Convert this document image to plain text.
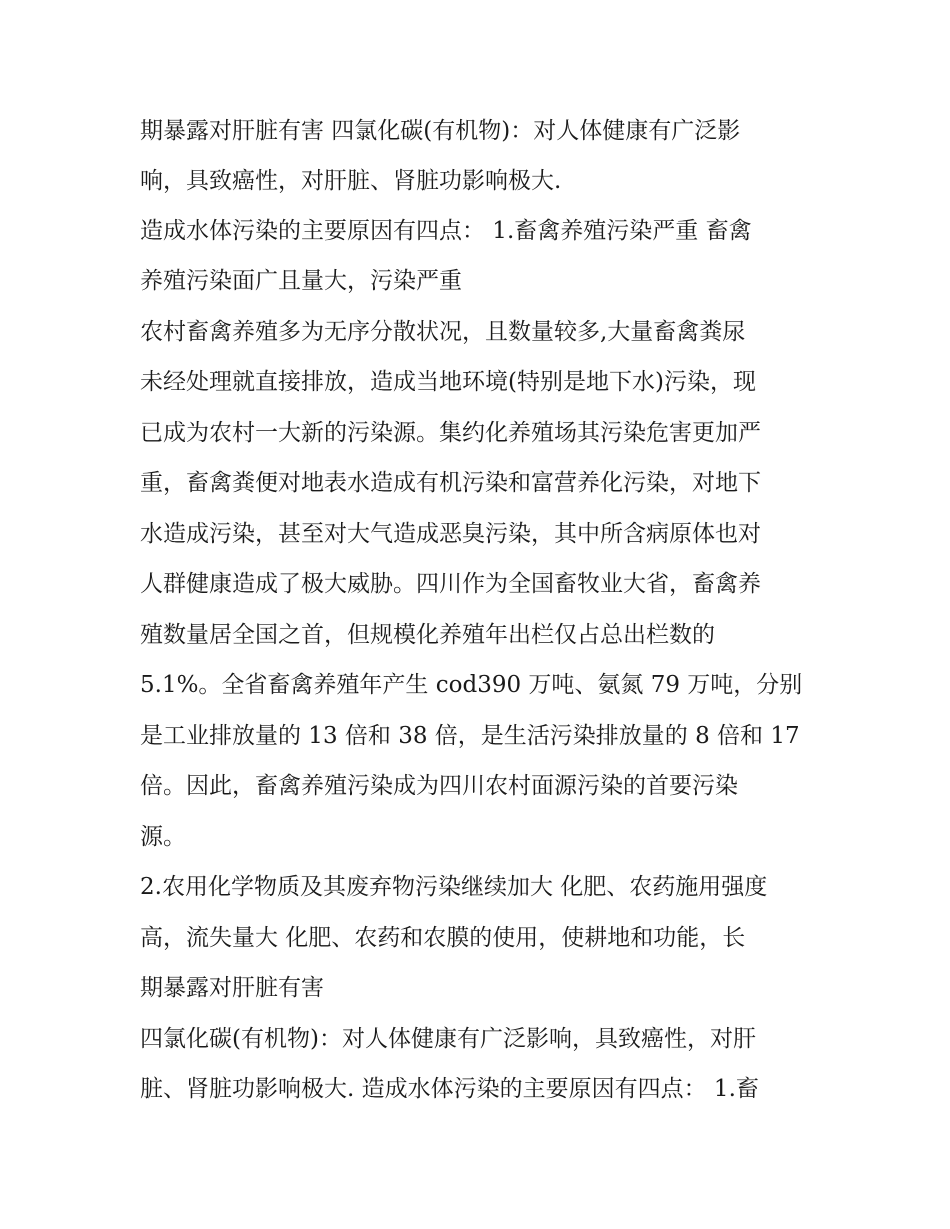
期暴露对肝脏有害 四氯化碳(有机物)：对人体健康有广泛影
响，具致癌性，对肝脏、肾脏功影响极大.
造成水体污染的主要原因有四点： 1.畜禽养殖污染严重 畜禽
养殖污染面广且量大，污染严重
农村畜禽养殖多为无序分散状况，且数量较多,大量畜禽粪尿
未经处理就直接排放，造成当地环境(特别是地下水)污染，现
已成为农村一大新的污染源。集约化养殖场其污染危害更加严
重，畜禽粪便对地表水造成有机污染和富营养化污染，对地下
水造成污染，甚至对大气造成恶臭污染，其中所含病原体也对
人群健康造成了极大威胁。四川作为全国畜牧业大省，畜禽养
殖数量居全国之首，但规模化养殖年出栏仅占总出栏数的
5.1%。全省畜禽养殖年产生 cod390 万吨、氨氮 79 万吨，分别
是工业排放量的 13 倍和 38 倍，是生活污染排放量的 8 倍和 17
倍。因此，畜禽养殖污染成为四川农村面源污染的首要污染
源。
2.农用化学物质及其废弃物污染继续加大 化肥、农药施用强度
高，流失量大 化肥、农药和农膜的使用，使耕地和功能，长
期暴露对肝脏有害
四氯化碳(有机物)：对人体健康有广泛影响，具致癌性，对肝
脏、肾脏功影响极大. 造成水体污染的主要原因有四点： 1.畜
